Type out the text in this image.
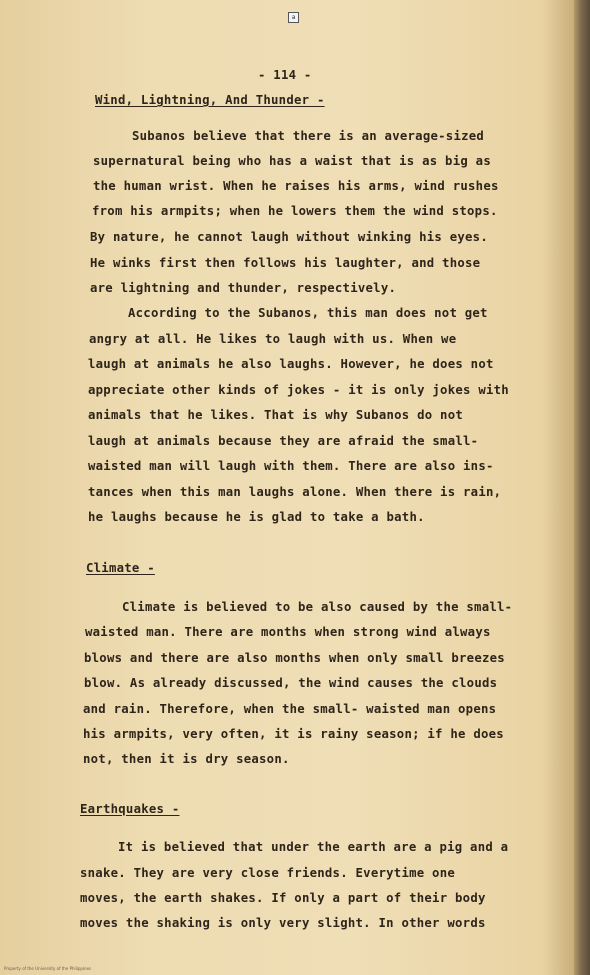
a

- 114 -

Wind, Lightning, And Thunder -

Subanos believe that there is an average-sized

supernatural being who has a waist that is as big as

the human wrist. When he raises his arms, wind rushes

from his armpits; when he lowers them the wind stops.

By nature, he cannot laugh without winking his eyes.

He winks first then follows his laughter, and those

are lightning and thunder, respectively.

According to the Subanos, this man does not get

angry at all. He likes to laugh with us. When we

laugh at animals he also laughs. However, he does not

appreciate other kinds of jokes - it is only jokes with

animals that he likes. That is why Subanos do not

laugh at animals because they are afraid the small-

waisted man will laugh with them. There are also ins-

tances when this man laughs alone. When there is rain,

he laughs because he is glad to take a bath.

Climate -

Climate is believed to be also caused by the small-

waisted man. There are months when strong wind always

blows and there are also months when only small breezes

blow. As already discussed, the wind causes the clouds

and rain. Therefore, when the small- waisted man opens

his armpits, very often, it is rainy season; if he does

not, then it is dry season.

Earthquakes -

It is believed that under the earth are a pig and a

snake. They are very close friends. Everytime one

moves, the earth shakes. If only a part of their body

moves the shaking is only very slight. In other words

Property of the University of the Philippines
